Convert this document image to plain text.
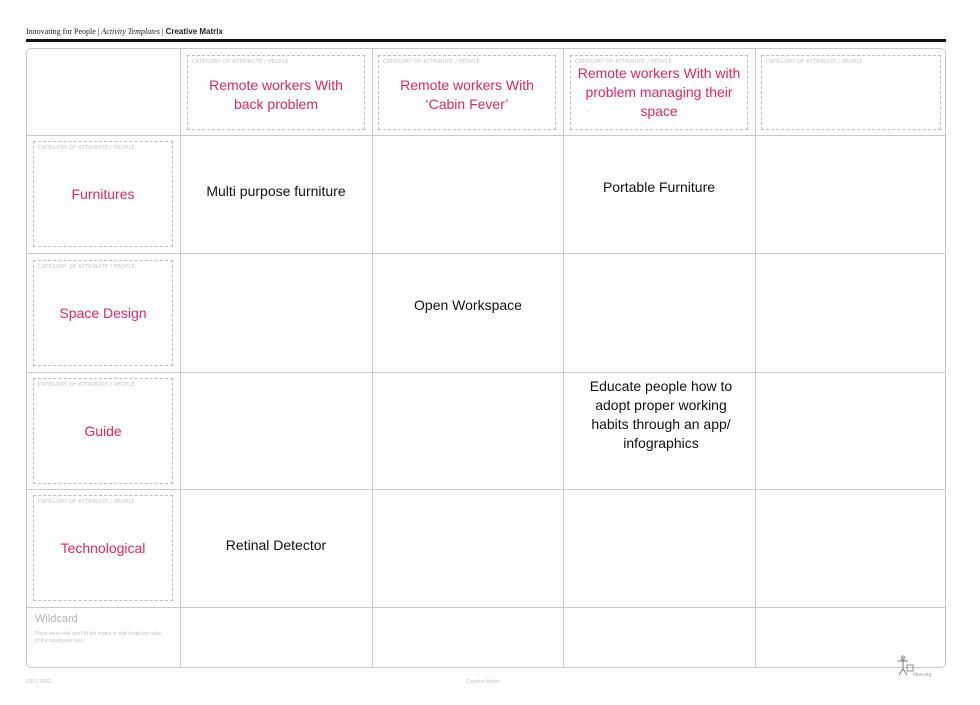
Innovating for People | Activity Templates | Creative Matrix
CATEGORY OF ATTRIBUTE / PEOPLE
Remote workers With back problem
CATEGORY OF ATTRIBUTE / PEOPLE
Remote workers With ‘Cabin Fever’
CATEGORY OF ATTRIBUTE / PEOPLE
Remote workers With with problem managing their space
CATEGORY OF ATTRIBUTE / PEOPLE
CATEGORY OF ATTRIBUTE / PEOPLE
Furnitures
CATEGORY OF ATTRIBUTE / PEOPLE
Space Design
CATEGORY OF ATTRIBUTE / PEOPLE
Guide
CATEGORY OF ATTRIBUTE / PEOPLE
Technological
Multi purpose furniture	Portable Furniture
Open Workspace
Educate people how to adopt proper working habits through an app/ infographics
Retinal Detector
Wildcard
Place ideas that don't fit the matrix or that break the rules of the categories here.
IDEO.ORG	Creative Matrix
Ideo.org
